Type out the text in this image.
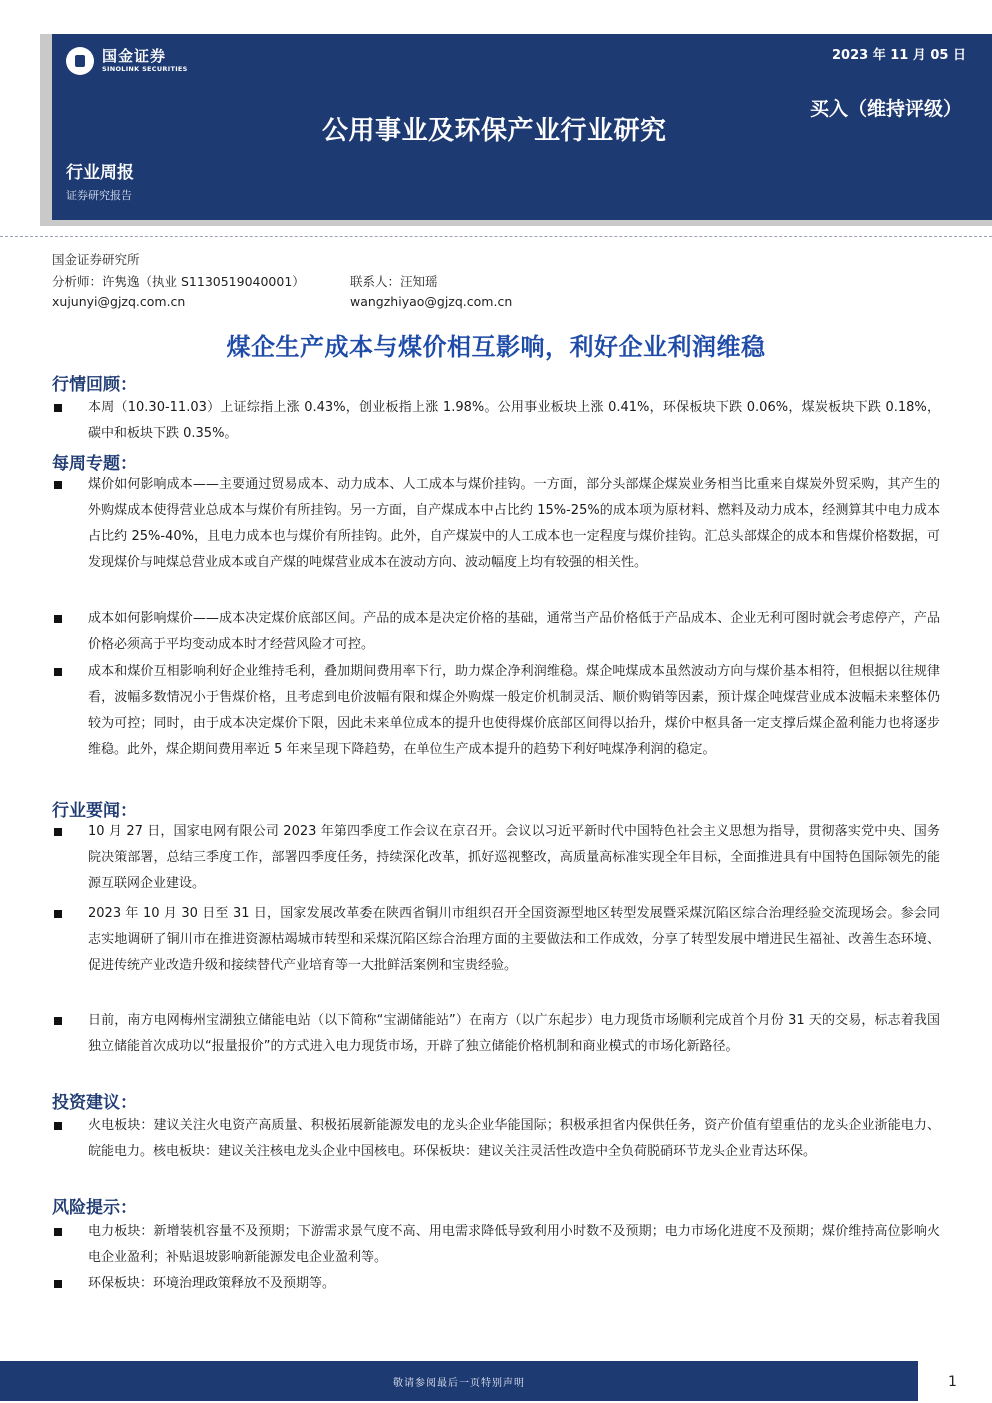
国金证券
SINOLINK SECURITIES
2023 年 11 月 05 日
买入（维持评级）
公用事业及环保产业行业研究
行业周报
证券研究报告
国金证券研究所
分析师：许隽逸（执业 S1130519040001）	联系人：汪知瑶
xujunyi@gjzq.com.cn	wangzhiyao@gjzq.com.cn
煤企生产成本与煤价相互影响，利好企业利润维稳
行情回顾：
本周（10.30-11.03）上证综指上涨 0.43%，创业板指上涨 1.98%。公用事业板块上涨 0.41%，环保板块下跌 0.06%，煤炭板块下跌 0.18%，碳中和板块下跌 0.35%。
每周专题：
煤价如何影响成本——主要通过贸易成本、动力成本、人工成本与煤价挂钩。一方面，部分头部煤企煤炭业务相当比重来自煤炭外贸采购，其产生的外购煤成本使得营业总成本与煤价有所挂钩。另一方面，自产煤成本中占比约 15%-25%的成本项为原材料、燃料及动力成本，经测算其中电力成本占比约 25%-40%，且电力成本也与煤价有所挂钩。此外，自产煤炭中的人工成本也一定程度与煤价挂钩。汇总头部煤企的成本和售煤价格数据，可发现煤价与吨煤总营业成本或自产煤的吨煤营业成本在波动方向、波动幅度上均有较强的相关性。
成本如何影响煤价——成本决定煤价底部区间。产品的成本是决定价格的基础，通常当产品价格低于产品成本、企业无利可图时就会考虑停产，产品价格必须高于平均变动成本时才经营风险才可控。
成本和煤价互相影响利好企业维持毛利，叠加期间费用率下行，助力煤企净利润维稳。煤企吨煤成本虽然波动方向与煤价基本相符，但根据以往规律看，波幅多数情况小于售煤价格，且考虑到电价波幅有限和煤企外购煤一般定价机制灵活、顺价购销等因素，预计煤企吨煤营业成本波幅未来整体仍较为可控；同时，由于成本决定煤价下限，因此未来单位成本的提升也使得煤价底部区间得以抬升，煤价中枢具备一定支撑后煤企盈利能力也将逐步维稳。此外，煤企期间费用率近 5 年来呈现下降趋势，在单位生产成本提升的趋势下利好吨煤净利润的稳定。
行业要闻：
10 月 27 日，国家电网有限公司 2023 年第四季度工作会议在京召开。会议以习近平新时代中国特色社会主义思想为指导，贯彻落实党中央、国务院决策部署，总结三季度工作，部署四季度任务，持续深化改革，抓好巡视整改，高质量高标准实现全年目标，全面推进具有中国特色国际领先的能源互联网企业建设。
2023 年 10 月 30 日至 31 日，国家发展改革委在陕西省铜川市组织召开全国资源型地区转型发展暨采煤沉陷区综合治理经验交流现场会。参会同志实地调研了铜川市在推进资源枯竭城市转型和采煤沉陷区综合治理方面的主要做法和工作成效，分享了转型发展中增进民生福祉、改善生态环境、促进传统产业改造升级和接续替代产业培育等一大批鲜活案例和宝贵经验。
日前，南方电网梅州宝湖独立储能电站（以下简称“宝湖储能站”）在南方（以广东起步）电力现货市场顺利完成首个月份 31 天的交易，标志着我国独立储能首次成功以“报量报价”的方式进入电力现货市场，开辟了独立储能价格机制和商业模式的市场化新路径。
投资建议：
火电板块：建议关注火电资产高质量、积极拓展新能源发电的龙头企业华能国际；积极承担省内保供任务，资产价值有望重估的龙头企业浙能电力、皖能电力。核电板块：建议关注核电龙头企业中国核电。环保板块：建议关注灵活性改造中全负荷脱硝环节龙头企业青达环保。
风险提示：
电力板块：新增装机容量不及预期；下游需求景气度不高、用电需求降低导致利用小时数不及预期；电力市场化进度不及预期；煤价维持高位影响火电企业盈利；补贴退坡影响新能源发电企业盈利等。
环保板块：环境治理政策释放不及预期等。
敬请参阅最后一页特别声明	1
